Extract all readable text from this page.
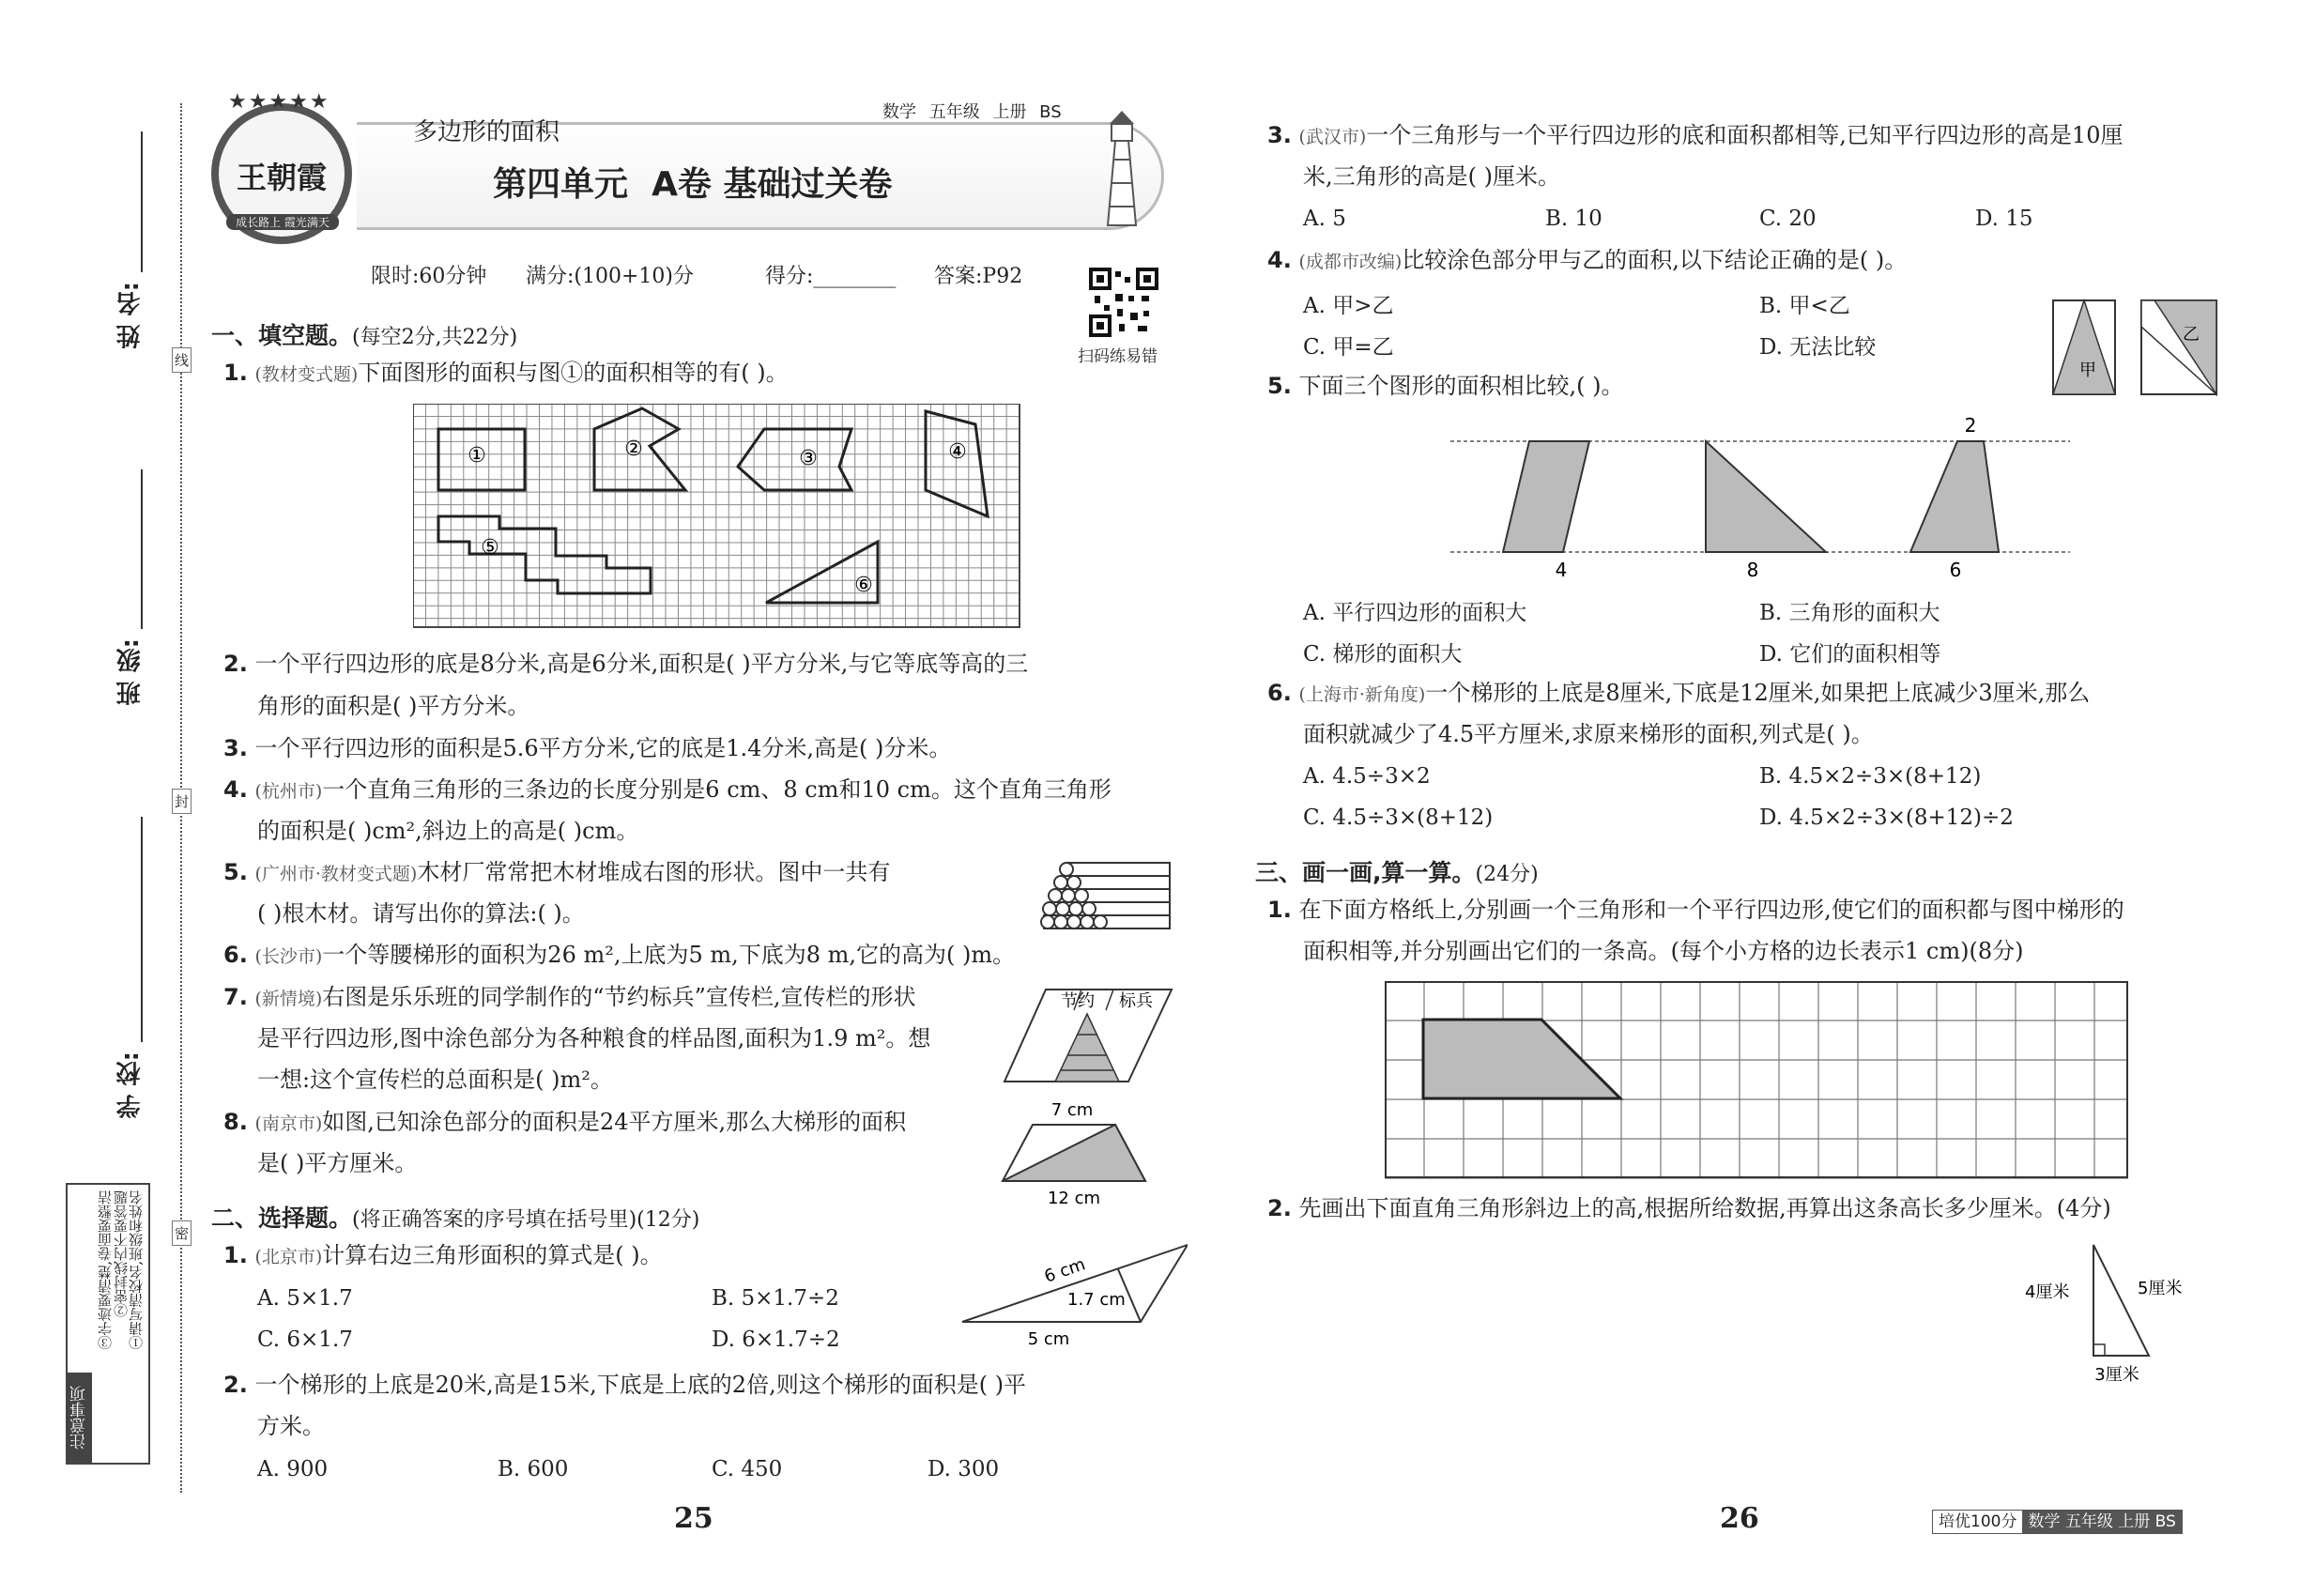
姓 名:
班 级:
学 校:
线
封
密
注意事项
①请写清校名,班级和姓名
②密封线内不要答题
③字迹要清楚,卷面要整洁
★★★★★
王朝霞
成长路上 霞光满天
多边形的面积
数学 五年级 上册 BS
第四单元  A卷 基础过关卷
限时:60分钟 满分:(100+10)分	得分:________ 答案:P92
扫码练易错
一、填空题。(每空2分,共22分)
1. (教材变式题)下面图形的面积与图①的面积相等的有( )。
①	②	③	④
⑤
⑥
2. 一个平行四边形的底是8分米,高是6分米,面积是( )平方分米,与它等底等高的三
角形的面积是( )平方分米。
3. 一个平行四边形的面积是5.6平方分米,它的底是1.4分米,高是( )分米。
4. (杭州市)一个直角三角形的三条边的长度分别是6 cm、8 cm和10 cm。这个直角三角形
的面积是( )cm²,斜边上的高是( )cm。
5. (广州市·教材变式题)木材厂常常把木材堆成右图的形状。图中一共有
( )根木材。请写出你的算法:( )。
6. (长沙市)一个等腰梯形的面积为26 m²,上底为5 m,下底为8 m,它的高为( )m。
7. (新情境)右图是乐乐班的同学制作的“节约标兵”宣传栏,宣传栏的形状
是平行四边形,图中涂色部分为各种粮食的样品图,面积为1.9 m²。想
一想:这个宣传栏的总面积是( )m²。
节约 标兵
8. (南京市)如图,已知涂色部分的面积是24平方厘米,那么大梯形的面积
是( )平方厘米。
7 cm
12 cm
二、选择题。(将正确答案的序号填在括号里)(12分)
1. (北京市)计算右边三角形面积的算式是( )。
A. 5×1.7	B. 5×1.7÷2
C. 6×1.7	D. 6×1.7÷2
6 cm
1.7 cm
5 cm
2. 一个梯形的上底是20米,高是15米,下底是上底的2倍,则这个梯形的面积是( )平
方米。
A. 900	B. 600	C. 450	D. 300
25
3. (武汉市)一个三角形与一个平行四边形的底和面积都相等,已知平行四边形的高是10厘
米,三角形的高是( )厘米。
A. 5	B. 10	C. 20	D. 15
4. (成都市改编)比较涂色部分甲与乙的面积,以下结论正确的是( )。
A. 甲>乙	B. 甲<乙
C. 甲=乙	D. 无法比较
甲
乙
5. 下面三个图形的面积相比较,( )。
2
4	8	6
A. 平行四边形的面积大	B. 三角形的面积大
C. 梯形的面积大	D. 它们的面积相等
6. (上海市·新角度)一个梯形的上底是8厘米,下底是12厘米,如果把上底减少3厘米,那么
面积就减少了4.5平方厘米,求原来梯形的面积,列式是( )。
A. 4.5÷3×2	B. 4.5×2÷3×(8+12)
C. 4.5÷3×(8+12)	D. 4.5×2÷3×(8+12)÷2
三、画一画,算一算。(24分)
1. 在下面方格纸上,分别画一个三角形和一个平行四边形,使它们的面积都与图中梯形的
面积相等,并分别画出它们的一条高。(每个小方格的边长表示1 cm)(8分)
2. 先画出下面直角三角形斜边上的高,根据所给数据,再算出这条高长多少厘米。(4分)
4厘米	5厘米
3厘米
26	培优100分 数学 五年级 上册 BS
